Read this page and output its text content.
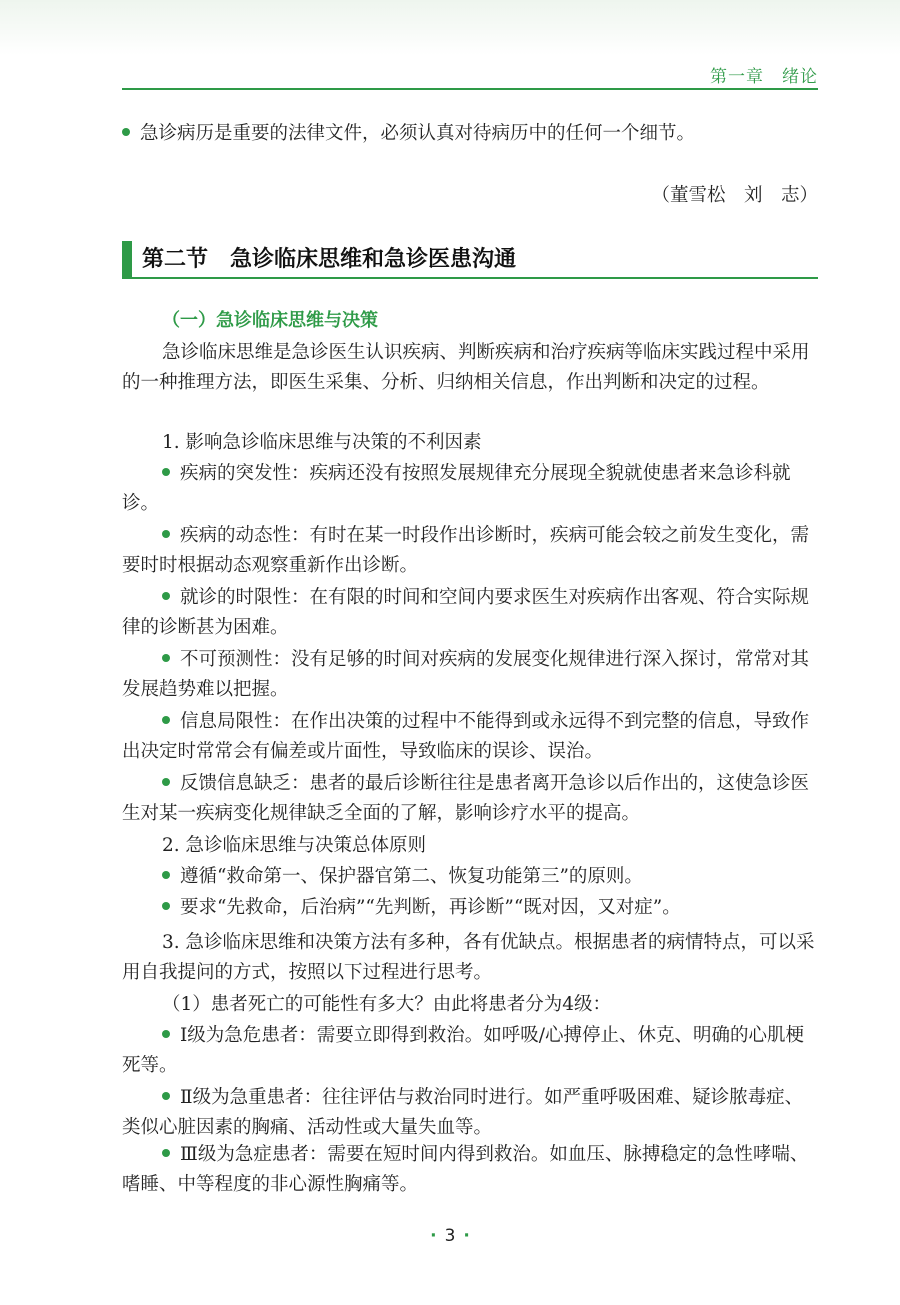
第一章　绪论

急诊病历是重要的法律文件，必须认真对待病历中的任何一个细节。

（董雪松　刘　志）
第二节　急诊临床思维和急诊医患沟通
（一）急诊临床思维与决策

急诊临床思维是急诊医生认识疾病、判断疾病和治疗疾病等临床实践过程中采用的一种推理方法，即医生采集、分析、归纳相关信息，作出判断和决定的过程。

1. 影响急诊临床思维与决策的不利因素

疾病的突发性：疾病还没有按照发展规律充分展现全貌就使患者来急诊科就诊。

疾病的动态性：有时在某一时段作出诊断时，疾病可能会较之前发生变化，需要时时根据动态观察重新作出诊断。

就诊的时限性：在有限的时间和空间内要求医生对疾病作出客观、符合实际规律的诊断甚为困难。

不可预测性：没有足够的时间对疾病的发展变化规律进行深入探讨，常常对其发展趋势难以把握。

信息局限性：在作出决策的过程中不能得到或永远得不到完整的信息，导致作出决定时常常会有偏差或片面性，导致临床的误诊、误治。

反馈信息缺乏：患者的最后诊断往往是患者离开急诊以后作出的，这使急诊医生对某一疾病变化规律缺乏全面的了解，影响诊疗水平的提高。

2. 急诊临床思维与决策总体原则

遵循“救命第一、保护器官第二、恢复功能第三”的原则。

要求“先救命，后治病”“先判断，再诊断”“既对因，又对症”。

3. 急诊临床思维和决策方法有多种，各有优缺点。根据患者的病情特点，可以采用自我提问的方式，按照以下过程进行思考。

（1）患者死亡的可能性有多大？由此将患者分为4级：

Ⅰ级为急危患者：需要立即得到救治。如呼吸/心搏停止、休克、明确的心肌梗死等。

Ⅱ级为急重患者：往往评估与救治同时进行。如严重呼吸困难、疑诊脓毒症、类似心脏因素的胸痛、活动性或大量失血等。

Ⅲ级为急症患者：需要在短时间内得到救治。如血压、脉搏稳定的急性哮喘、嗜睡、中等程度的非心源性胸痛等。

· 3 ·
